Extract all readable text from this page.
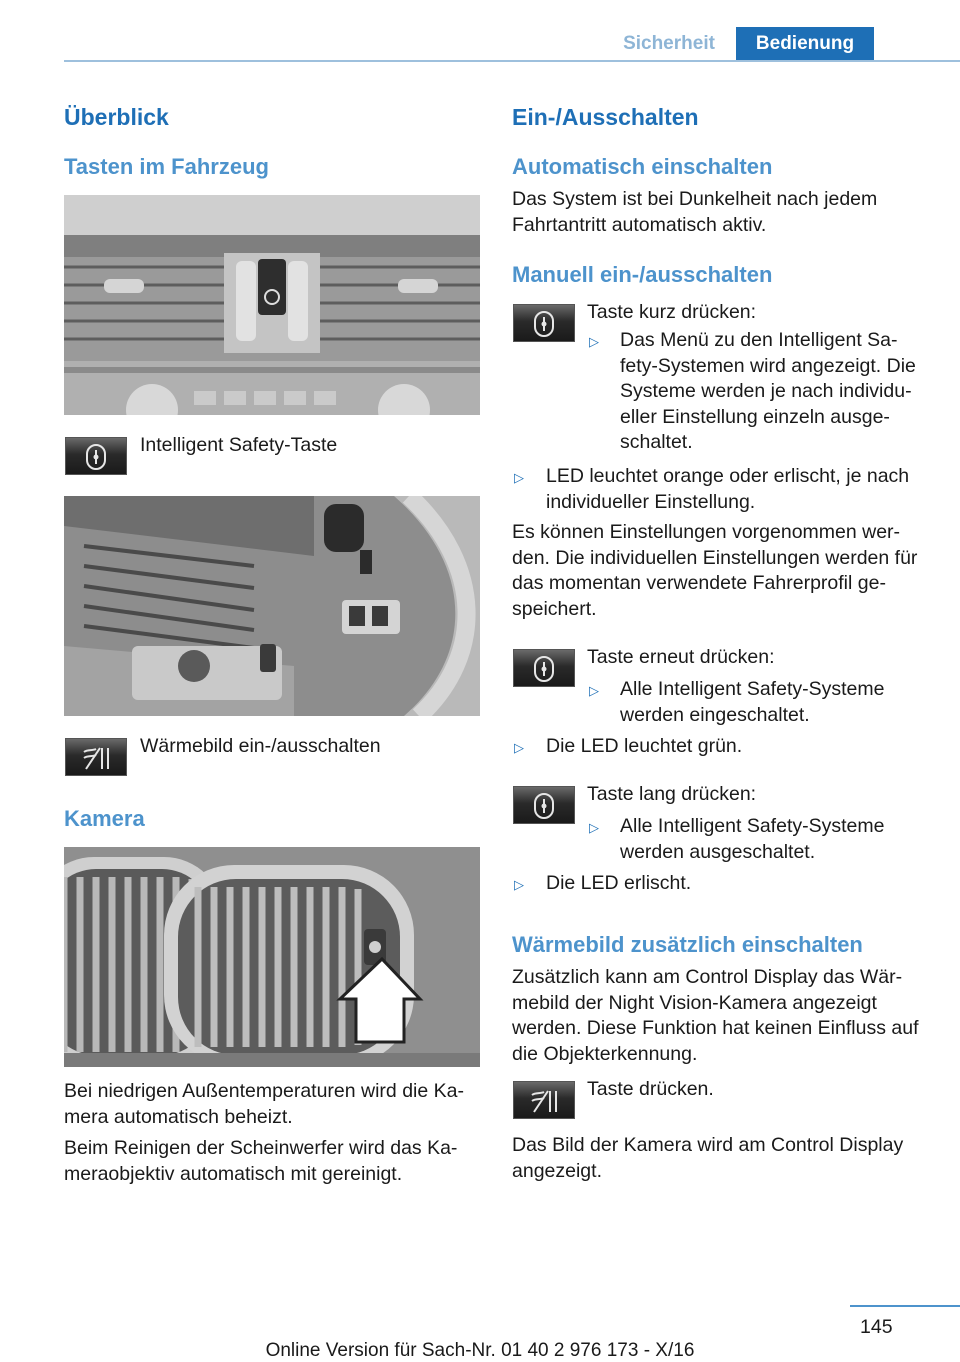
Sicherheit	Bedienung
Überblick
Tasten im Fahrzeug
Intelligent Safety-Taste
Wärmebild ein-/ausschalten
Kamera

Bei niedrigen Außentemperaturen wird die Ka-mera automatisch beheizt.

Beim Reinigen der Scheinwerfer wird das Ka-meraobjektiv automatisch mit gereinigt.

Ein-/Ausschalten
Automatisch einschalten
Das System ist bei Dunkelheit nach jedem Fahrtantritt automatisch aktiv.
Manuell ein-/ausschalten
Taste kurz drücken:
▷ Das Menü zu den Intelligent Sa-fety-Systemen wird angezeigt. Die Systeme werden je nach individu-eller Einstellung einzeln ausge-schaltet.
▷ LED leuchtet orange oder erlischt, je nach individueller Einstellung.
Es können Einstellungen vorgenommen wer-den. Die individuellen Einstellungen werden für das momentan verwendete Fahrerprofil ge-speichert.
Taste erneut drücken:
▷ Alle Intelligent Safety-Systeme werden eingeschaltet.
▷ Die LED leuchtet grün.
Taste lang drücken:
▷ Alle Intelligent Safety-Systeme werden ausgeschaltet.
▷ Die LED erlischt.
Wärmebild zusätzlich einschalten
Zusätzlich kann am Control Display das Wär-mebild der Night Vision-Kamera angezeigt werden. Diese Funktion hat keinen Einfluss auf die Objekterkennung.
Taste drücken.
Das Bild der Kamera wird am Control Display angezeigt.
145
Online Version für Sach-Nr. 01 40 2 976 173 - X/16
